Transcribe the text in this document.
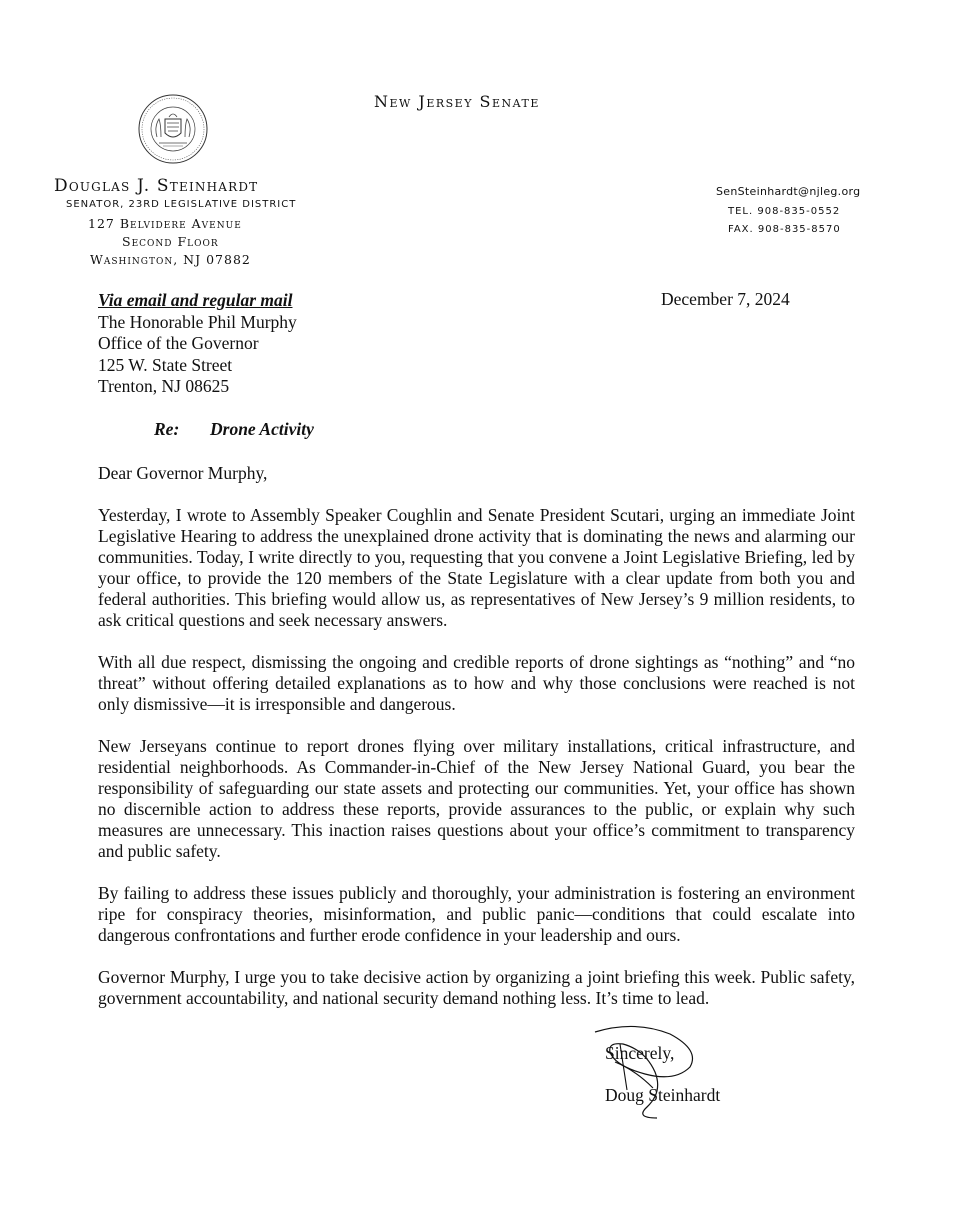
New Jersey Senate
Douglas J. Steinhardt
SENATOR, 23RD LEGISLATIVE DISTRICT
127 Belvidere Avenue
Second Floor
Washington, NJ 07882
SenSteinhardt@njleg.org
TEL. 908-835-0552
FAX. 908-835-8570
December 7, 2024
Via email and regular mail
The Honorable Phil Murphy
Office of the Governor
125 W. State Street
Trenton, NJ 08625
Re: Drone Activity
Dear Governor Murphy,

Yesterday, I wrote to Assembly Speaker Coughlin and Senate President Scutari, urging an immediate Joint Legislative Hearing to address the unexplained drone activity that is dominating the news and alarming our communities. Today, I write directly to you, requesting that you convene a Joint Legislative Briefing, led by your office, to provide the 120 members of the State Legislature with a clear update from both you and federal authorities. This briefing would allow us, as representatives of New Jersey’s 9 million residents, to ask critical questions and seek necessary answers.

With all due respect, dismissing the ongoing and credible reports of drone sightings as “nothing” and “no threat” without offering detailed explanations as to how and why those conclusions were reached is not only dismissive—it is irresponsible and dangerous.

New Jerseyans continue to report drones flying over military installations, critical infrastructure, and residential neighborhoods. As Commander-in-Chief of the New Jersey National Guard, you bear the responsibility of safeguarding our state assets and protecting our communities. Yet, your office has shown no discernible action to address these reports, provide assurances to the public, or explain why such measures are unnecessary. This inaction raises questions about your office’s commitment to transparency and public safety.

By failing to address these issues publicly and thoroughly, your administration is fostering an environment ripe for conspiracy theories, misinformation, and public panic—conditions that could escalate into dangerous confrontations and further erode confidence in your leadership and ours.

Governor Murphy, I urge you to take decisive action by organizing a joint briefing this week. Public safety, government accountability, and national security demand nothing less. It’s time to lead.

Sincerely,
Doug Steinhardt
